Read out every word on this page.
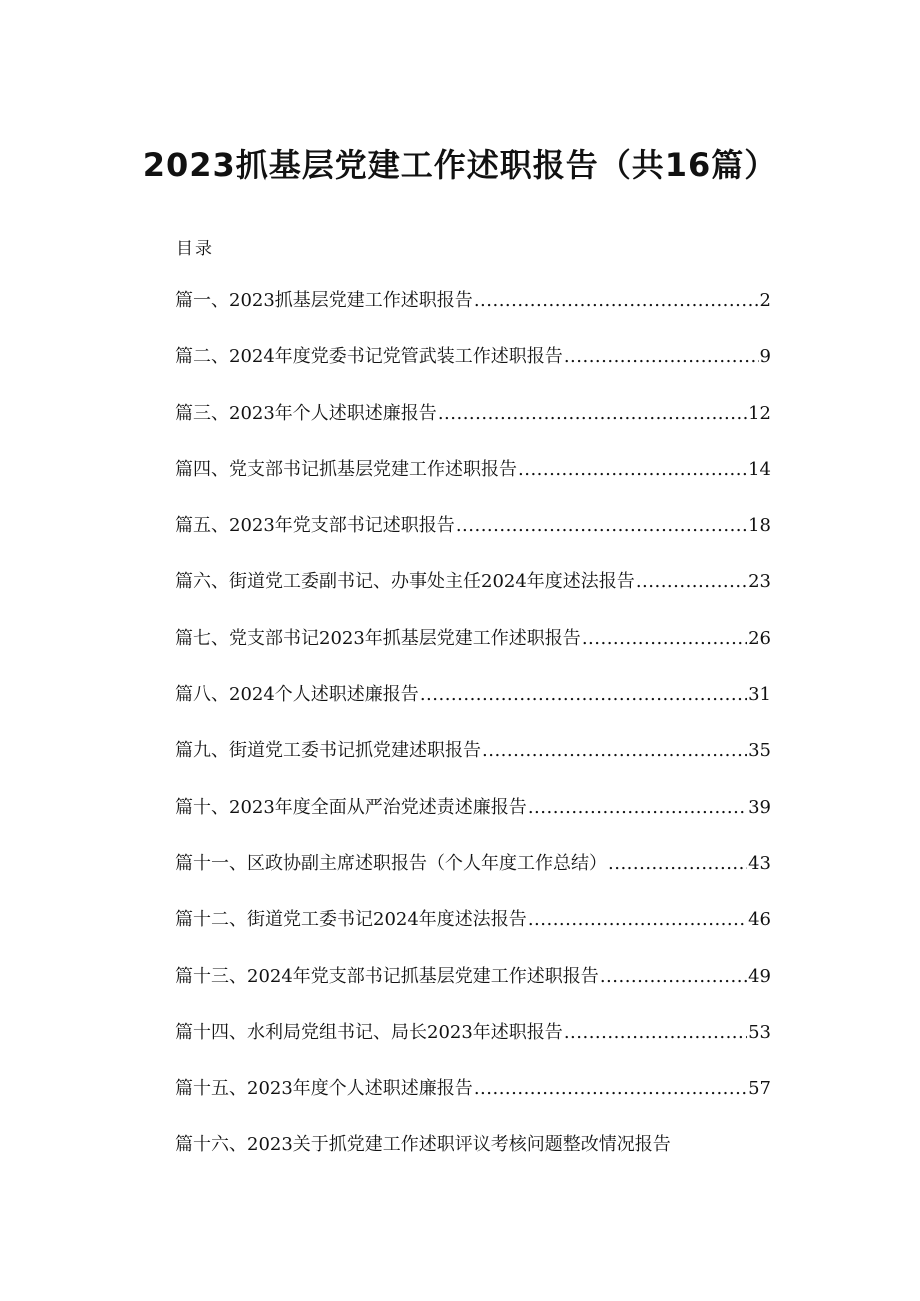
2023抓基层党建工作述职报告（共16篇）
目录
篇一、2023抓基层党建工作述职报告 .....	2
篇二、2024年度党委书记党管武装工作述职报告 .....	9
篇三、2023年个人述职述廉报告 .....	12
篇四、党支部书记抓基层党建工作述职报告 .....	14
篇五、2023年党支部书记述职报告 .....	18
篇六、街道党工委副书记、办事处主任2024年度述法报告 .....	23
篇七、党支部书记2023年抓基层党建工作述职报告 .....	26
篇八、2024个人述职述廉报告 .....	31
篇九、街道党工委书记抓党建述职报告 .....	35
篇十、2023年度全面从严治党述责述廉报告 .....	39
篇十一、区政协副主席述职报告（个人年度工作总结） .....	43
篇十二、街道党工委书记2024年度述法报告 .....	46
篇十三、2024年党支部书记抓基层党建工作述职报告 .....	49
篇十四、水利局党组书记、局长2023年述职报告 .....	53
篇十五、2023年度个人述职述廉报告 .....	57
篇十六、2023关于抓党建工作述职评议考核问题整改情况报告
